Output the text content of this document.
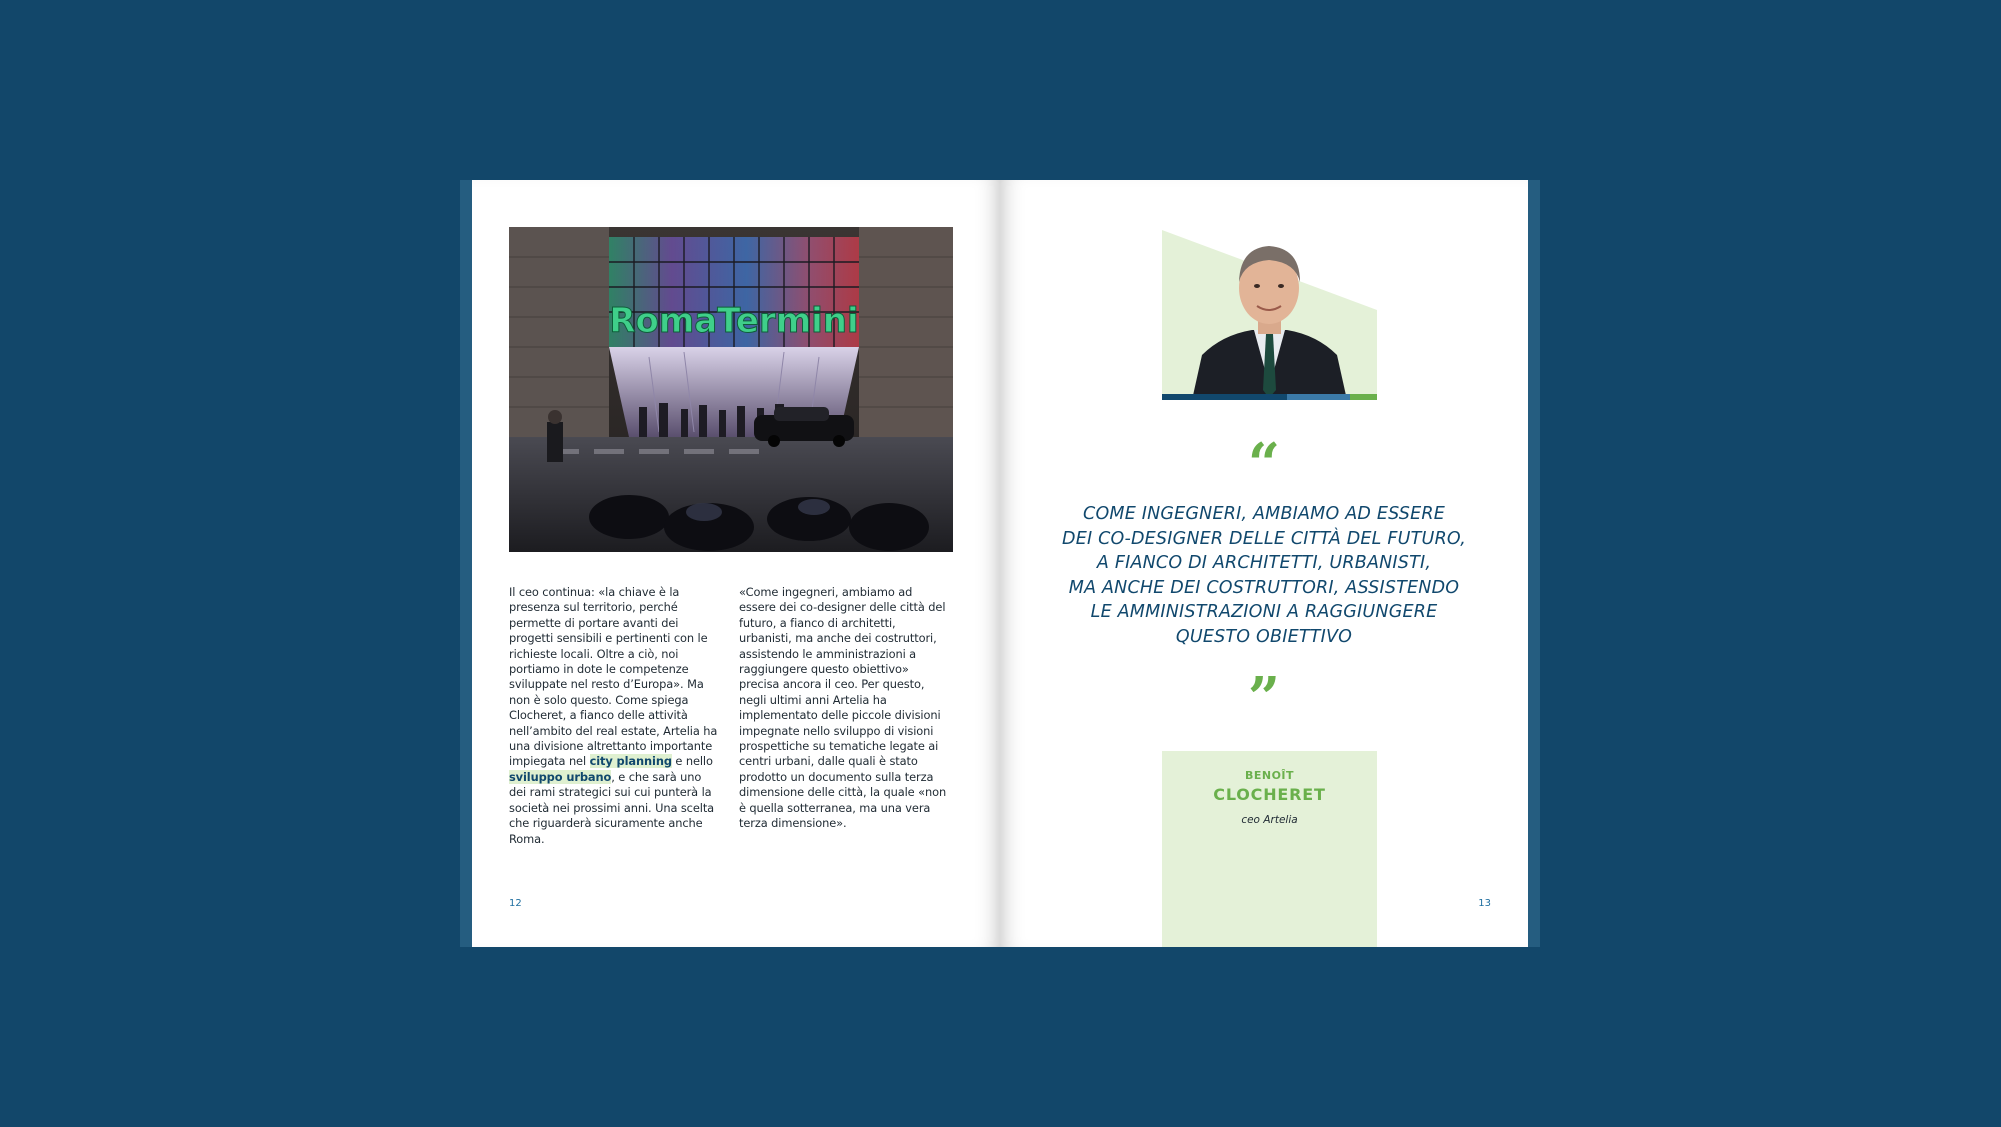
RomaTermini
Il ceo continua: «la chiave è la presenza sul territorio, perché permette di portare avanti dei progetti sensibili e pertinenti con le richieste locali. Oltre a ciò, noi portiamo in dote le competenze sviluppate nel resto d’Europa». Ma non è solo questo. Come spiega Clocheret, a fianco delle attività nell’ambito del real estate, Artelia ha una divisione altrettanto importante impiegata nel city planning e nello sviluppo urbano, e che sarà uno dei rami strategici sui cui punterà la società nei prossimi anni. Una scelta che riguarderà sicuramente anche Roma.
«Come ingegneri, ambiamo ad essere dei co-designer delle città del futuro, a fianco di architetti, urbanisti, ma anche dei costruttori, assistendo le amministrazioni a raggiungere questo obiettivo» precisa ancora il ceo. Per questo, negli ultimi anni Artelia ha implementato delle piccole divisioni impegnate nello sviluppo di visioni prospettiche su tematiche legate ai centri urbani, dalle quali è stato prodotto un documento sulla terza dimensione delle città, la quale «non è quella sotterranea, ma una vera terza dimensione».
12
“
COME INGEGNERI, AMBIAMO AD ESSERE
DEI CO-DESIGNER DELLE CITTÀ DEL FUTURO,
A FIANCO DI ARCHITETTI, URBANISTI,
MA ANCHE DEI COSTRUTTORI, ASSISTENDO
LE AMMINISTRAZIONI A RAGGIUNGERE
QUESTO OBIETTIVO
”
BENOÎT
CLOCHERET
ceo Artelia
13
